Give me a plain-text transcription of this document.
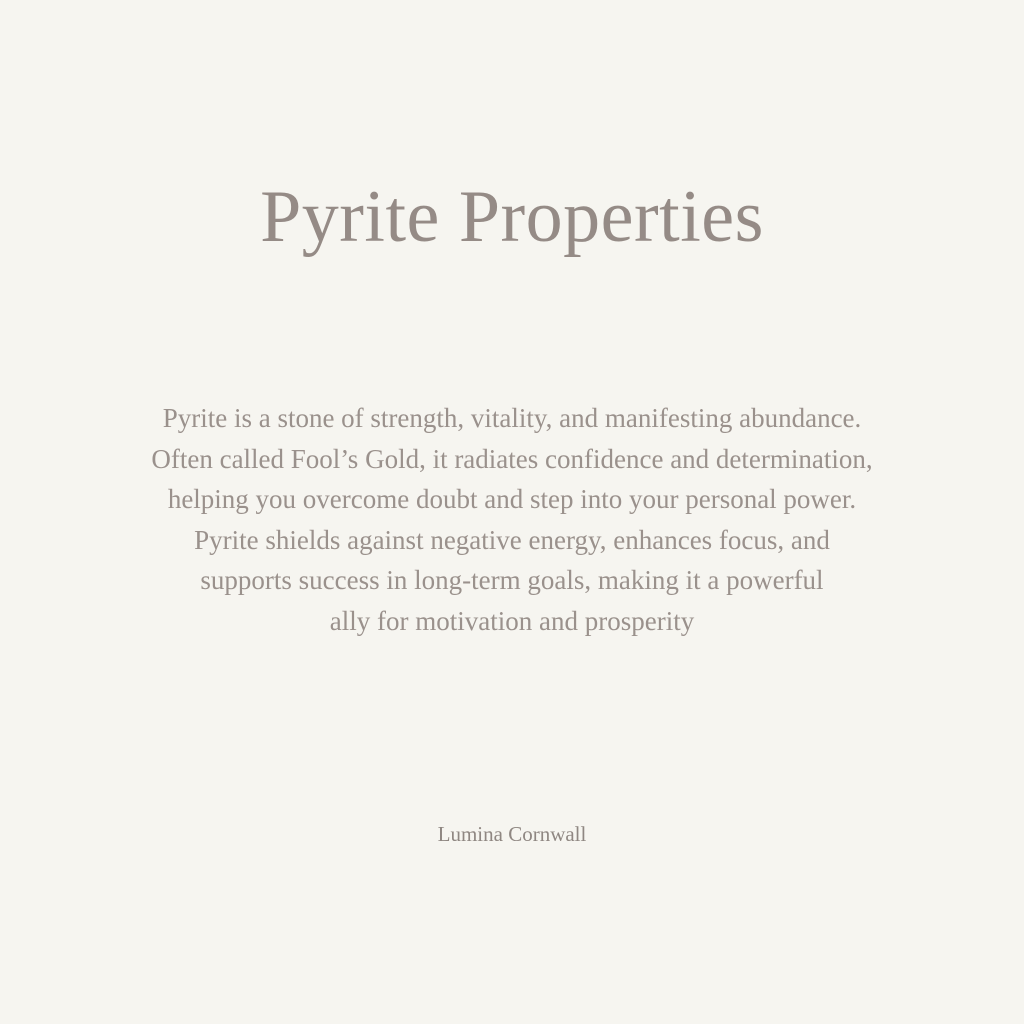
Pyrite Properties

Pyrite is a stone of strength, vitality, and manifesting abundance.
Often called Fool’s Gold, it radiates confidence and determination,
helping you overcome doubt and step into your personal power.
Pyrite shields against negative energy, enhances focus, and
supports success in long-term goals, making it a powerful
ally for motivation and prosperity

Lumina Cornwall
